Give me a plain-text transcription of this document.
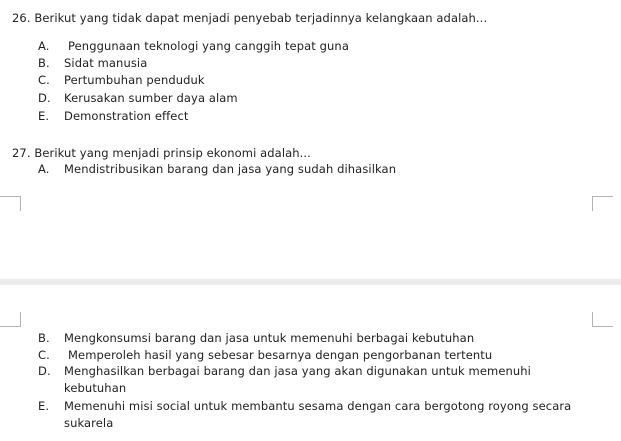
26. Berikut yang tidak dapat menjadi penyebab terjadinnya kelangkaan adalah...
A. Penggunaan teknologi yang canggih tepat guna
B. Sidat manusia
C. Pertumbuhan penduduk
D. Kerusakan sumber daya alam
E. Demonstration effect
27. Berikut yang menjadi prinsip ekonomi adalah...
A. Mendistribusikan barang dan jasa yang sudah dihasilkan
B. Mengkonsumsi barang dan jasa untuk memenuhi berbagai kebutuhan
C. Memperoleh hasil yang sebesar besarnya dengan pengorbanan tertentu
D. Menghasilkan berbagai barang dan jasa yang akan digunakan untuk memenuhi
kebutuhan
E. Memenuhi misi social untuk membantu sesama dengan cara bergotong royong secara
sukarela
